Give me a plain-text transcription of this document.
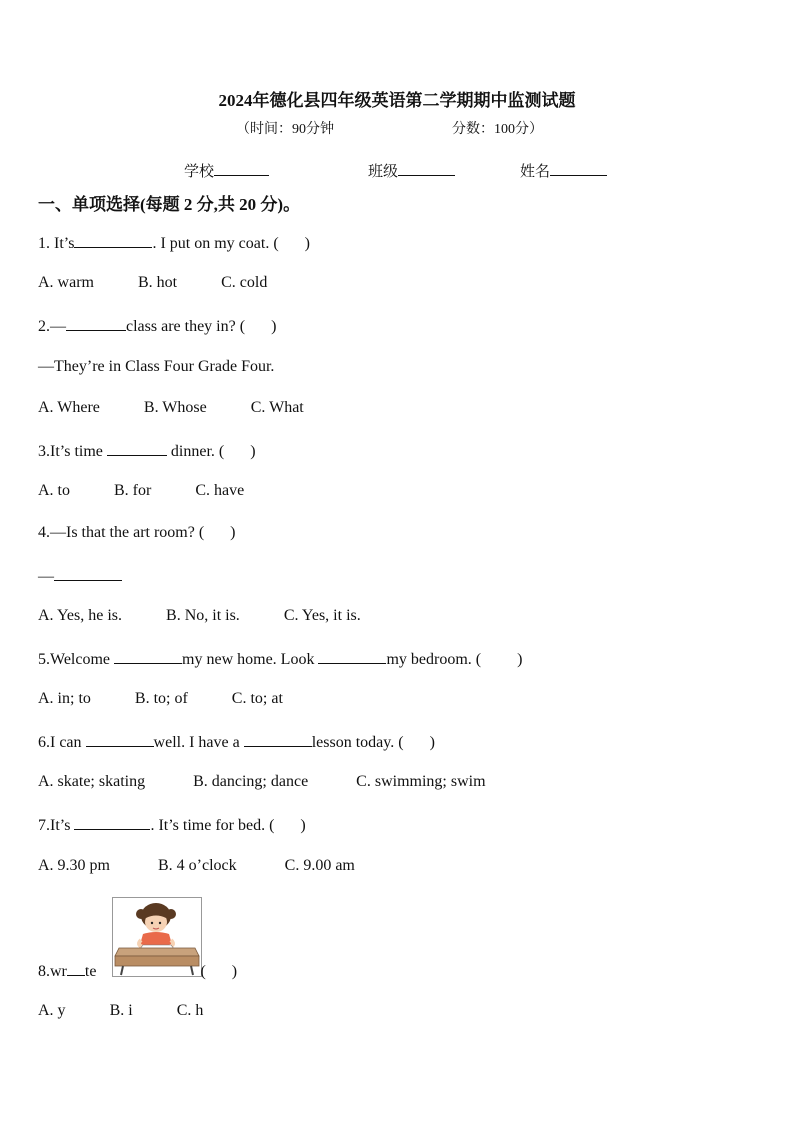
2024年德化县四年级英语第二学期期中监测试题
（时间：90分钟	分数：100分）
学校	班级	姓名
一、单项选择(每题 2 分,共 20 分)。
1. It’s	. I put on my coat. ( )
A. warm	B. hot	C. cold
2.—	class are they in? ( )
—They’re in Class Four Grade Four.
A. Where	B. Whose	C. What
3.It’s time	dinner. ( )
A. to	B. for	C. have
4.—Is that the art room? ( )
—
A. Yes, he is.	B. No, it is.	C. Yes, it is.
5.Welcome	my new home. Look	my bedroom. ( )
A. in; to	B. to; of	C. to; at
6.I can	well. I have a	lesson today. ( )
A. skate; skating	B. dancing; dance	C. swimming; swim
7.It’s	. It’s time for bed. ( )
A. 9.30 pm	B. 4 o’clock	C. 9.00 am
8.wr te	( )
A. y	B. i	C. h
